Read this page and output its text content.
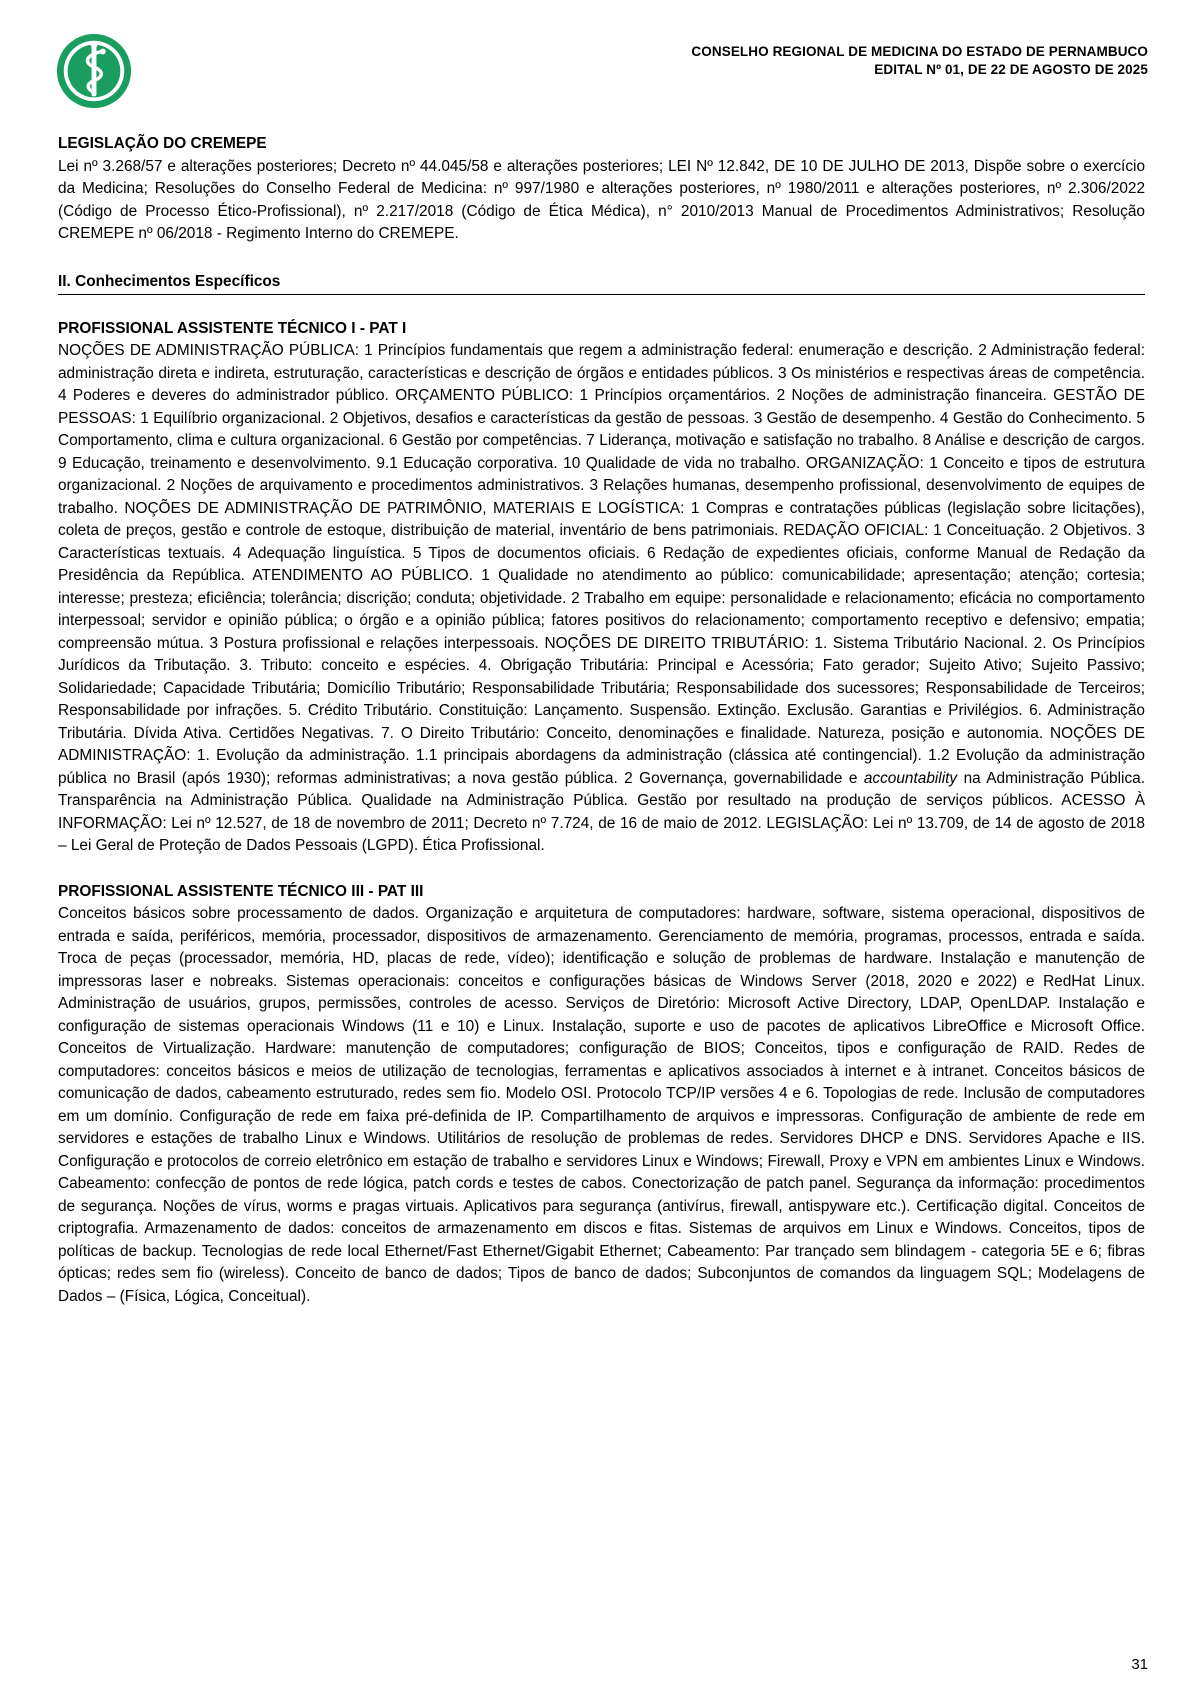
CONSELHO REGIONAL DE MEDICINA DO ESTADO DE PERNAMBUCO
EDITAL Nº 01, DE 22 DE AGOSTO DE 2025
LEGISLAÇÃO DO CREMEPE

Lei nº 3.268/57 e alterações posteriores; Decreto nº 44.045/58 e alterações posteriores; LEI Nº 12.842, DE 10 DE JULHO DE 2013, Dispõe sobre o exercício da Medicina; Resoluções do Conselho Federal de Medicina: nº 997/1980 e alterações posteriores, nº 1980/2011 e alterações posteriores, nº 2.306/2022 (Código de Processo Ético-Profissional), nº 2.217/2018 (Código de Ética Médica), n° 2010/2013 Manual de Procedimentos Administrativos; Resolução CREMEPE nº 06/2018 - Regimento Interno do CREMEPE.

II. Conhecimentos Específicos
PROFISSIONAL ASSISTENTE TÉCNICO I - PAT I

NOÇÕES DE ADMINISTRAÇÃO PÚBLICA: 1 Princípios fundamentais que regem a administração federal: enumeração e descrição. 2 Administração federal: administração direta e indireta, estruturação, características e descrição de órgãos e entidades públicos. 3 Os ministérios e respectivas áreas de competência. 4 Poderes e deveres do administrador público. ORÇAMENTO PÚBLICO: 1 Princípios orçamentários. 2 Noções de administração financeira. GESTÃO DE PESSOAS: 1 Equilíbrio organizacional. 2 Objetivos, desafios e características da gestão de pessoas. 3 Gestão de desempenho. 4 Gestão do Conhecimento. 5 Comportamento, clima e cultura organizacional. 6 Gestão por competências. 7 Liderança, motivação e satisfação no trabalho. 8 Análise e descrição de cargos. 9 Educação, treinamento e desenvolvimento. 9.1 Educação corporativa. 10 Qualidade de vida no trabalho. ORGANIZAÇÃO: 1 Conceito e tipos de estrutura organizacional. 2 Noções de arquivamento e procedimentos administrativos. 3 Relações humanas, desempenho profissional, desenvolvimento de equipes de trabalho. NOÇÕES DE ADMINISTRAÇÃO DE PATRIMÔNIO, MATERIAIS E LOGÍSTICA: 1 Compras e contratações públicas (legislação sobre licitações), coleta de preços, gestão e controle de estoque, distribuição de material, inventário de bens patrimoniais. REDAÇÃO OFICIAL: 1 Conceituação. 2 Objetivos. 3 Características textuais. 4 Adequação linguística. 5 Tipos de documentos oficiais. 6 Redação de expedientes oficiais, conforme Manual de Redação da Presidência da República. ATENDIMENTO AO PÚBLICO. 1 Qualidade no atendimento ao público: comunicabilidade; apresentação; atenção; cortesia; interesse; presteza; eficiência; tolerância; discrição; conduta; objetividade. 2 Trabalho em equipe: personalidade e relacionamento; eficácia no comportamento interpessoal; servidor e opinião pública; o órgão e a opinião pública; fatores positivos do relacionamento; comportamento receptivo e defensivo; empatia; compreensão mútua. 3 Postura profissional e relações interpessoais. NOÇÕES DE DIREITO TRIBUTÁRIO: 1. Sistema Tributário Nacional. 2. Os Princípios Jurídicos da Tributação. 3. Tributo: conceito e espécies. 4. Obrigação Tributária: Principal e Acessória; Fato gerador; Sujeito Ativo; Sujeito Passivo; Solidariedade; Capacidade Tributária; Domicílio Tributário; Responsabilidade Tributária; Responsabilidade dos sucessores; Responsabilidade de Terceiros; Responsabilidade por infrações. 5. Crédito Tributário. Constituição: Lançamento. Suspensão. Extinção. Exclusão. Garantias e Privilégios. 6. Administração Tributária. Dívida Ativa. Certidões Negativas. 7. O Direito Tributário: Conceito, denominações e finalidade. Natureza, posição e autonomia. NOÇÕES DE ADMINISTRAÇÃO: 1. Evolução da administração. 1.1 principais abordagens da administração (clássica até contingencial). 1.2 Evolução da administração pública no Brasil (após 1930); reformas administrativas; a nova gestão pública. 2 Governança, governabilidade e accountability na Administração Pública. Transparência na Administração Pública. Qualidade na Administração Pública. Gestão por resultado na produção de serviços públicos. ACESSO À INFORMAÇÃO: Lei nº 12.527, de 18 de novembro de 2011; Decreto nº 7.724, de 16 de maio de 2012. LEGISLAÇÃO: Lei nº 13.709, de 14 de agosto de 2018 – Lei Geral de Proteção de Dados Pessoais (LGPD). Ética Profissional.

PROFISSIONAL ASSISTENTE TÉCNICO III - PAT III

Conceitos básicos sobre processamento de dados. Organização e arquitetura de computadores: hardware, software, sistema operacional, dispositivos de entrada e saída, periféricos, memória, processador, dispositivos de armazenamento. Gerenciamento de memória, programas, processos, entrada e saída. Troca de peças (processador, memória, HD, placas de rede, vídeo); identificação e solução de problemas de hardware. Instalação e manutenção de impressoras laser e nobreaks. Sistemas operacionais: conceitos e configurações básicas de Windows Server (2018, 2020 e 2022) e RedHat Linux. Administração de usuários, grupos, permissões, controles de acesso. Serviços de Diretório: Microsoft Active Directory, LDAP, OpenLDAP. Instalação e configuração de sistemas operacionais Windows (11 e 10) e Linux. Instalação, suporte e uso de pacotes de aplicativos LibreOffice e Microsoft Office. Conceitos de Virtualização. Hardware: manutenção de computadores; configuração de BIOS; Conceitos, tipos e configuração de RAID. Redes de computadores: conceitos básicos e meios de utilização de tecnologias, ferramentas e aplicativos associados à internet e à intranet. Conceitos básicos de comunicação de dados, cabeamento estruturado, redes sem fio. Modelo OSI. Protocolo TCP/IP versões 4 e 6. Topologias de rede. Inclusão de computadores em um domínio. Configuração de rede em faixa pré-definida de IP. Compartilhamento de arquivos e impressoras. Configuração de ambiente de rede em servidores e estações de trabalho Linux e Windows. Utilitários de resolução de problemas de redes. Servidores DHCP e DNS. Servidores Apache e IIS. Configuração e protocolos de correio eletrônico em estação de trabalho e servidores Linux e Windows; Firewall, Proxy e VPN em ambientes Linux e Windows. Cabeamento: confecção de pontos de rede lógica, patch cords e testes de cabos. Conectorização de patch panel. Segurança da informação: procedimentos de segurança. Noções de vírus, worms e pragas virtuais. Aplicativos para segurança (antivírus, firewall, antispyware etc.). Certificação digital. Conceitos de criptografia. Armazenamento de dados: conceitos de armazenamento em discos e fitas. Sistemas de arquivos em Linux e Windows. Conceitos, tipos de políticas de backup. Tecnologias de rede local Ethernet/Fast Ethernet/Gigabit Ethernet; Cabeamento: Par trançado sem blindagem - categoria 5E e 6; fibras ópticas; redes sem fio (wireless). Conceito de banco de dados; Tipos de banco de dados; Subconjuntos de comandos da linguagem SQL; Modelagens de Dados – (Física, Lógica, Conceitual).

31
